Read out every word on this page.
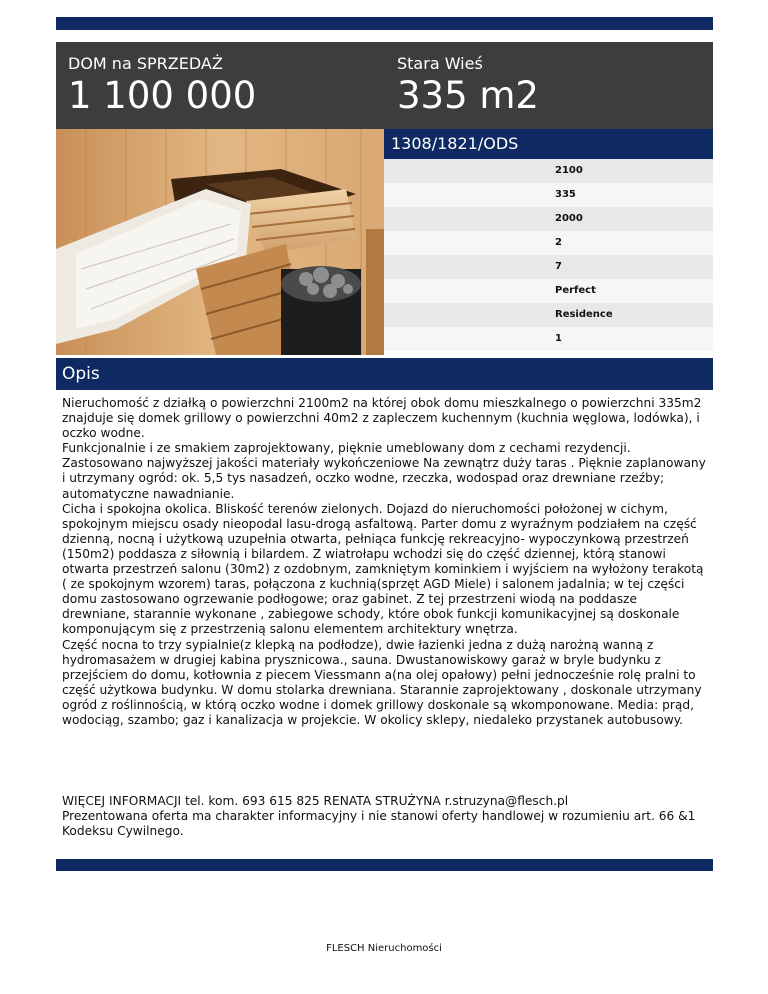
DOM na SPRZEDAŻ
1 100 000
Stara Wieś
335 m2
1308/1821/ODS
2100
335
2000
2
7
Perfect
Residence
1
Opis

Nieruchomość z działką o powierzchni 2100m2 na której obok domu mieszkalnego o powierzchni 335m2 znajduje się domek grillowy o powierzchni 40m2 z zapleczem kuchennym (kuchnia węglowa, lodówka), i oczko wodne.

Funkcjonalnie i ze smakiem zaprojektowany, pięknie umeblowany dom z cechami rezydencji. Zastosowano najwyższej jakości materiały wykończeniowe Na zewnątrz duży taras . Pięknie zaplanowany i utrzymany ogród: ok. 5,5 tys nasadzeń, oczko wodne, rzeczka, wodospad oraz drewniane rzeźby; automatyczne nawadnianie.

Cicha i spokojna okolica. Bliskość terenów zielonych. Dojazd do nieruchomości położonej w cichym, spokojnym miejscu osady nieopodal lasu-drogą asfaltową. Parter domu z wyraźnym podziałem na część dzienną, nocną i użytkową uzupełnia otwarta, pełniąca funkcję rekreacyjno- wypoczynkową przestrzeń (150m2) poddasza z siłownią i bilardem. Z wiatrołapu wchodzi się do część dziennej, którą stanowi otwarta przestrzeń salonu (30m2) z ozdobnym, zamkniętym kominkiem i wyjściem na wyłożony terakotą ( ze spokojnym wzorem) taras, połączona z kuchnią(sprzęt AGD Miele) i salonem jadalnia; w tej części domu zastosowano ogrzewanie podłogowe; oraz gabinet. Z tej przestrzeni wiodą na poddasze drewniane, starannie wykonane , zabiegowe schody, które obok funkcji komunikacyjnej są doskonale komponującym się z przestrzenią salonu elementem architektury wnętrza.

Część nocna to trzy sypialnie(z klepką na podłodze), dwie łazienki jedna z dużą narożną wanną z hydromasażem w drugiej kabina prysznicowa., sauna. Dwustanowiskowy garaż w bryle budynku z przejściem do domu, kotłownia z piecem Viessmann a(na olej opałowy) pełni jednocześnie rolę pralni to część użytkowa budynku. W domu stolarka drewniana. Starannie zaprojektowany , doskonale utrzymany ogród z roślinnością, w którą oczko wodne i domek grillowy doskonale są wkomponowane. Media: prąd, wodociąg, szambo; gaz i kanalizacja w projekcie. W okolicy sklepy, niedaleko przystanek autobusowy.

WIĘCEJ INFORMACJI tel. kom. 693 615 825 RENATA STRUŻYNA r.struzyna@flesch.pl

Prezentowana oferta ma charakter informacyjny i nie stanowi oferty handlowej w rozumieniu art. 66 &1 Kodeksu Cywilnego.

FLESCH Nieruchomości
